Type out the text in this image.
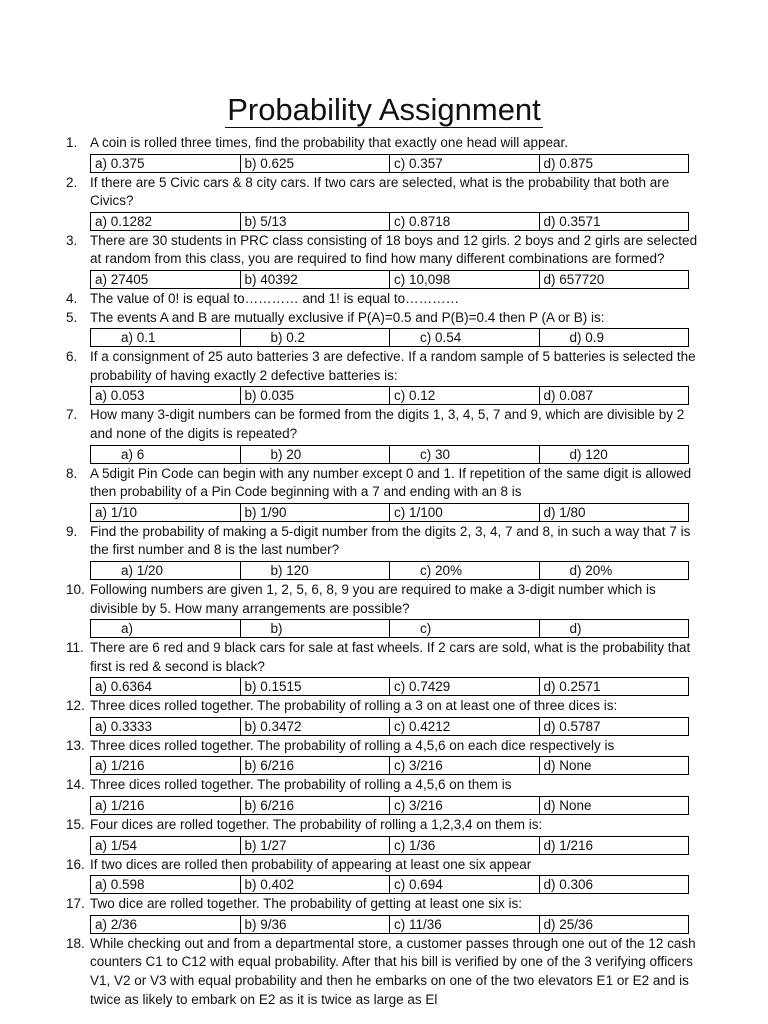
Probability Assignment
1. A coin is rolled three times, find the probability that exactly one head will appear.
a) 0.375	b) 0.625	c) 0.357	d) 0.875
2. If there are 5 Civic cars & 8 city cars. If two cars are selected, what is the probability that both are Civics?
a) 0.1282	b) 5/13	c) 0.8718	d) 0.3571
3. There are 30 students in PRC class consisting of 18 boys and 12 girls. 2 boys and 2 girls are selected at random from this class, you are required to find how many different combinations are formed?
a) 27405	b) 40392	c) 10,098	d) 657720
4. The value of 0! is equal to………… and 1! is equal to…………
5. The events A and B are mutually exclusive if P(A)=0.5 and P(B)=0.4 then P (A or B) is:
a) 0.1	b) 0.2	c) 0.54	d) 0.9
6. If a consignment of 25 auto batteries 3 are defective. If a random sample of 5 batteries is selected the probability of having exactly 2 defective batteries is:
a) 0.053	b) 0.035	c) 0.12	d) 0.087
7. How many 3-digit numbers can be formed from the digits 1, 3, 4, 5, 7 and 9, which are divisible by 2 and none of the digits is repeated?
a) 6	b) 20	c) 30	d) 120
8. A 5digit Pin Code can begin with any number except 0 and 1. If repetition of the same digit is allowed then probability of a Pin Code beginning with a 7 and ending with an 8 is
a) 1/10	b) 1/90	c) 1/100	d) 1/80
9. Find the probability of making a 5-digit number from the digits 2, 3, 4, 7 and 8, in such a way that 7 is the first number and 8 is the last number?
a) 1/20	b) 120	c) 20%	d) 20%
10. Following numbers are given 1, 2, 5, 6, 8, 9 you are required to make a 3-digit number which is divisible by 5. How many arrangements are possible?
a)	b)	c)	d)
11. There are 6 red and 9 black cars for sale at fast wheels. If 2 cars are sold, what is the probability that first is red & second is black?
a) 0.6364	b) 0.1515	c) 0.7429	d) 0.2571
12. Three dices rolled together. The probability of rolling a 3 on at least one of three dices is:
a) 0.3333	b) 0.3472	c) 0.4212	d) 0.5787
13. Three dices rolled together. The probability of rolling a 4,5,6 on each dice respectively is
a) 1/216	b) 6/216	c) 3/216	d) None
14. Three dices rolled together. The probability of rolling a 4,5,6 on them is
a) 1/216	b) 6/216	c) 3/216	d) None
15. Four dices are rolled together. The probability of rolling a 1,2,3,4 on them is:
a) 1/54	b) 1/27	c) 1/36	d) 1/216
16. If two dices are rolled then probability of appearing at least one six appear
a) 0.598	b) 0.402	c) 0.694	d) 0.306
17. Two dice are rolled together. The probability of getting at least one six is:
a) 2/36	b) 9/36	c) 11/36	d) 25/36
18. While checking out and from a departmental store, a customer passes through one out of the 12 cash counters C1 to C12 with equal probability. After that his bill is verified by one of the 3 verifying officers V1, V2 or V3 with equal probability and then he embarks on one of the two elevators E1 or E2 and is twice as likely to embark on E2 as it is twice as large as El
